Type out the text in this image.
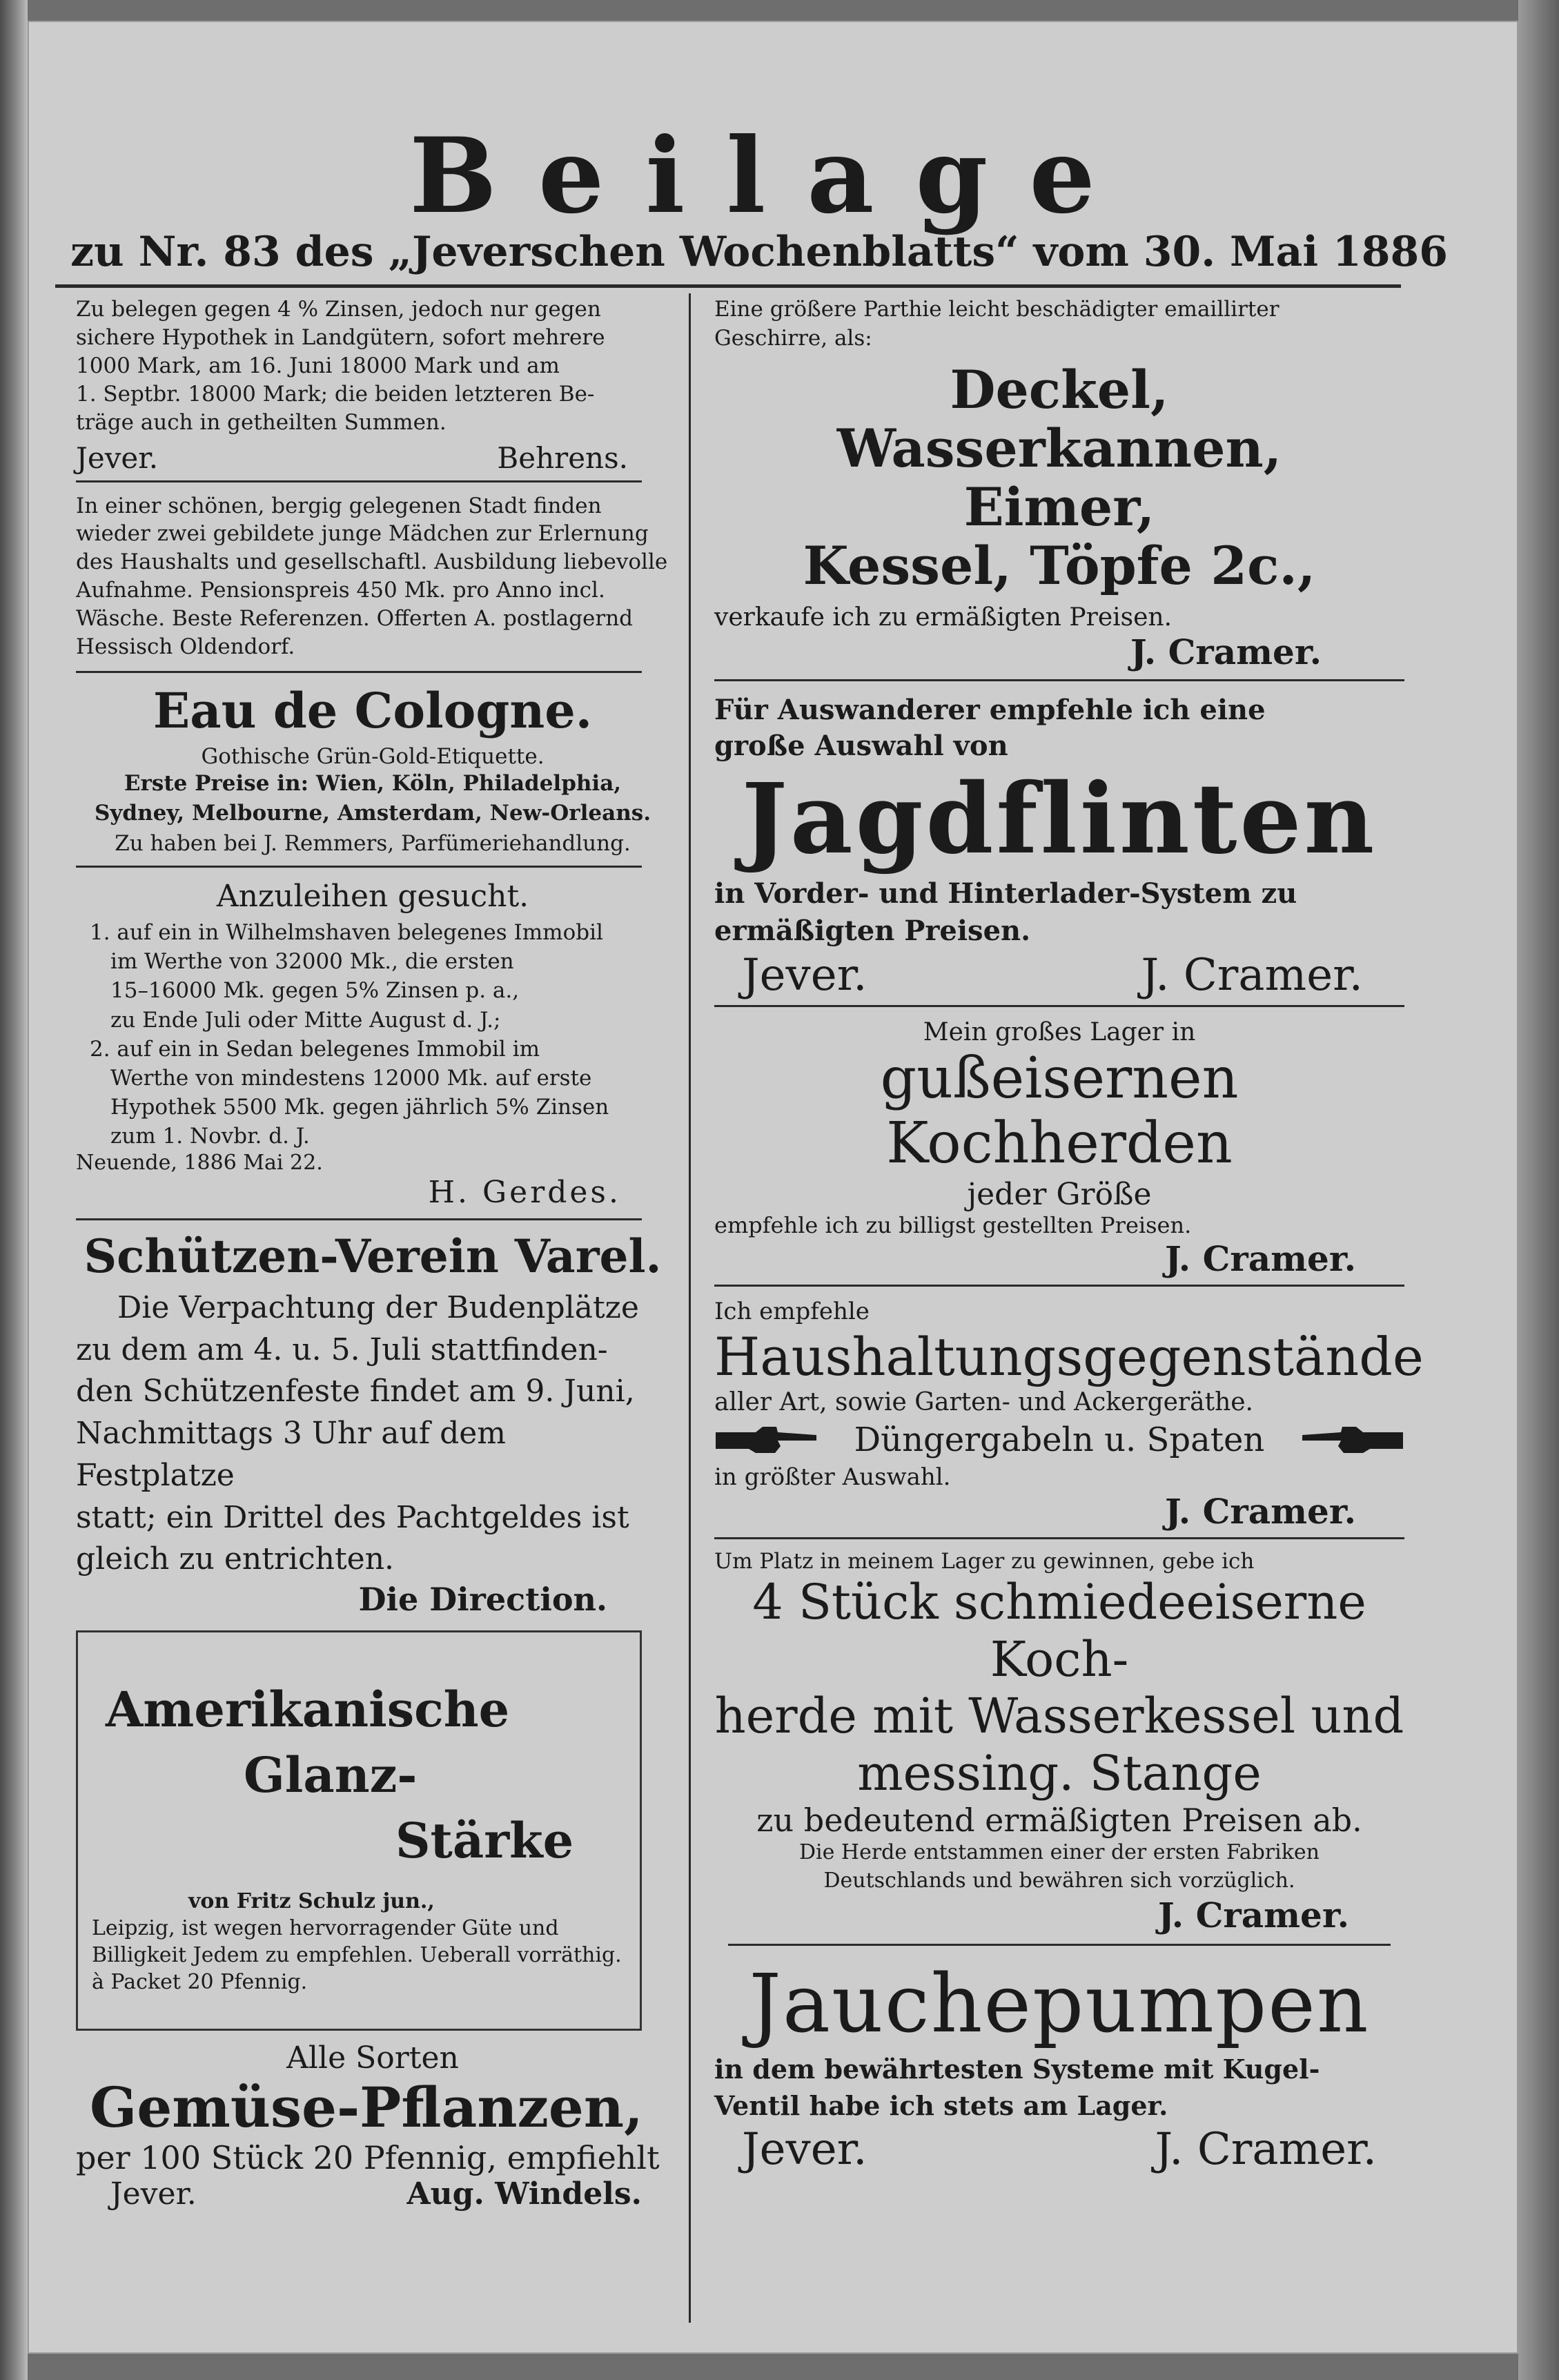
Beilage
zu Nr. 83 des „Jeverschen Wochenblatts“ vom 30. Mai 1886

Zu belegen gegen 4 % Zinsen, jedoch nur gegen

sichere Hypothek in Landgütern, sofort mehrere

1000 Mark, am 16. Juni 18000 Mark und am

1. Septbr. 18000 Mark; die beiden letzteren Be-

träge auch in getheilten Summen.

Jever.	Behrens.

In einer schönen, bergig gelegenen Stadt finden

wieder zwei gebildete junge Mädchen zur Erlernung

des Haushalts und gesellschaftl. Ausbildung liebevolle

Aufnahme. Pensionspreis 450 Mk. pro Anno incl.

Wäsche. Beste Referenzen. Offerten A. postlagernd

Hessisch Oldendorf.

Eau de Cologne.
Gothische Grün-Gold-Etiquette.

Erste Preise in: Wien, Köln, Philadelphia,

Sydney, Melbourne, Amsterdam, New-Orleans.

Zu haben bei J. Remmers, Parfümeriehandlung.

Anzuleihen gesucht.

1. auf ein in Wilhelmshaven belegenes Immobil

im Werthe von 32000 Mk., die ersten

15–16000 Mk. gegen 5% Zinsen p. a.,

zu Ende Juli oder Mitte August d. J.;

2. auf ein in Sedan belegenes Immobil im

Werthe von mindestens 12000 Mk. auf erste

Hypothek 5500 Mk. gegen jährlich 5% Zinsen

zum 1. Novbr. d. J.

Neuende, 1886 Mai 22.

H. Gerdes.

Schützen-Verein Varel.

Die Verpachtung der Budenplätze

zu dem am 4. u. 5. Juli stattfinden-

den Schützenfeste findet am 9. Juni,

Nachmittags 3 Uhr auf dem Festplatze

statt; ein Drittel des Pachtgeldes ist

gleich zu entrichten.

Die Direction.

Amerikanische
Glanz-
Stärke

von Fritz Schulz jun.,

Leipzig, ist wegen hervorragender Güte und

Billigkeit Jedem zu empfehlen. Ueberall vorräthig.

à Packet 20 Pfennig.

Alle Sorten
Gemüse-Pflanzen,

per 100 Stück 20 Pfennig, empfiehlt

Jever.	Aug. Windels.

Eine größere Parthie leicht beschädigter emaillirter

Geschirre, als:

Deckel,

Wasserkannen,

Eimer,

Kessel, Töpfe 2c.,

verkaufe ich zu ermäßigten Preisen.

J. Cramer.

Für Auswanderer empfehle ich eine

große Auswahl von

Jagdflinten

in Vorder- und Hinterlader-System zu

ermäßigten Preisen.

Jever.	J. Cramer.

Mein großes Lager in

gußeisernen Kochherden

jeder Größe

empfehle ich zu billigst gestellten Preisen.

J. Cramer.

Ich empfehle

Haushaltungsgegenstände

aller Art, sowie Garten- und Ackergeräthe.

Düngergabeln u. Spaten

in größter Auswahl.

J. Cramer.

Um Platz in meinem Lager zu gewinnen, gebe ich

4 Stück schmiedeeiserne Koch-

herde mit Wasserkessel und

messing. Stange

zu bedeutend ermäßigten Preisen ab.

Die Herde entstammen einer der ersten Fabriken

Deutschlands und bewähren sich vorzüglich.

J. Cramer.

Jauchepumpen

in dem bewährtesten Systeme mit Kugel-

Ventil habe ich stets am Lager.

Jever.	J. Cramer.
